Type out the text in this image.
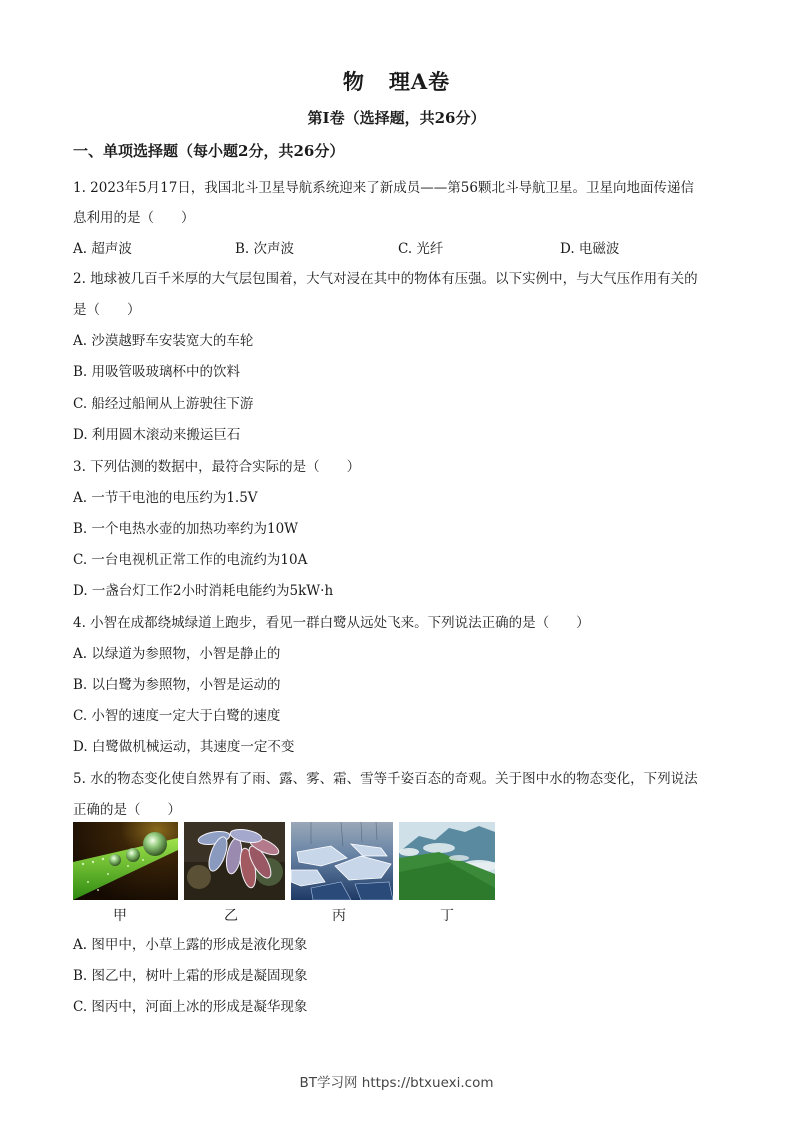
物 理A卷
第Ⅰ卷（选择题，共26分）
一、单项选择题（每小题2分，共26分）
1. 2023年5月17日，我国北斗卫星导航系统迎来了新成员——第56颗北斗导航卫星。卫星向地面传递信
息利用的是（　　）
A. 超声波	B. 次声波	C. 光纤	D. 电磁波
2. 地球被几百千米厚的大气层包围着，大气对浸在其中的物体有压强。以下实例中，与大气压作用有关的
是（　　）
A. 沙漠越野车安装宽大的车轮
B. 用吸管吸玻璃杯中的饮料
C. 船经过船闸从上游驶往下游
D. 利用圆木滚动来搬运巨石
3. 下列估测的数据中，最符合实际的是（　　）
A. 一节干电池的电压约为1.5V
B. 一个电热水壶的加热功率约为10W
C. 一台电视机正常工作的电流约为10A
D. 一盏台灯工作2小时消耗电能约为5kW·h
4. 小智在成都绕城绿道上跑步，看见一群白鹭从远处飞来。下列说法正确的是（　　）
A. 以绿道为参照物，小智是静止的
B. 以白鹭为参照物，小智是运动的
C. 小智的速度一定大于白鹭的速度
D. 白鹭做机械运动，其速度一定不变
5. 水的物态变化使自然界有了雨、露、雾、霜、雪等千姿百态的奇观。关于图中水的物态变化，下列说法
正确的是（　　）
甲	乙	丙	丁
A. 图甲中，小草上露的形成是液化现象
B. 图乙中，树叶上霜的形成是凝固现象
C. 图丙中，河面上冰的形成是凝华现象
BT学习网 https://btxuexi.com
